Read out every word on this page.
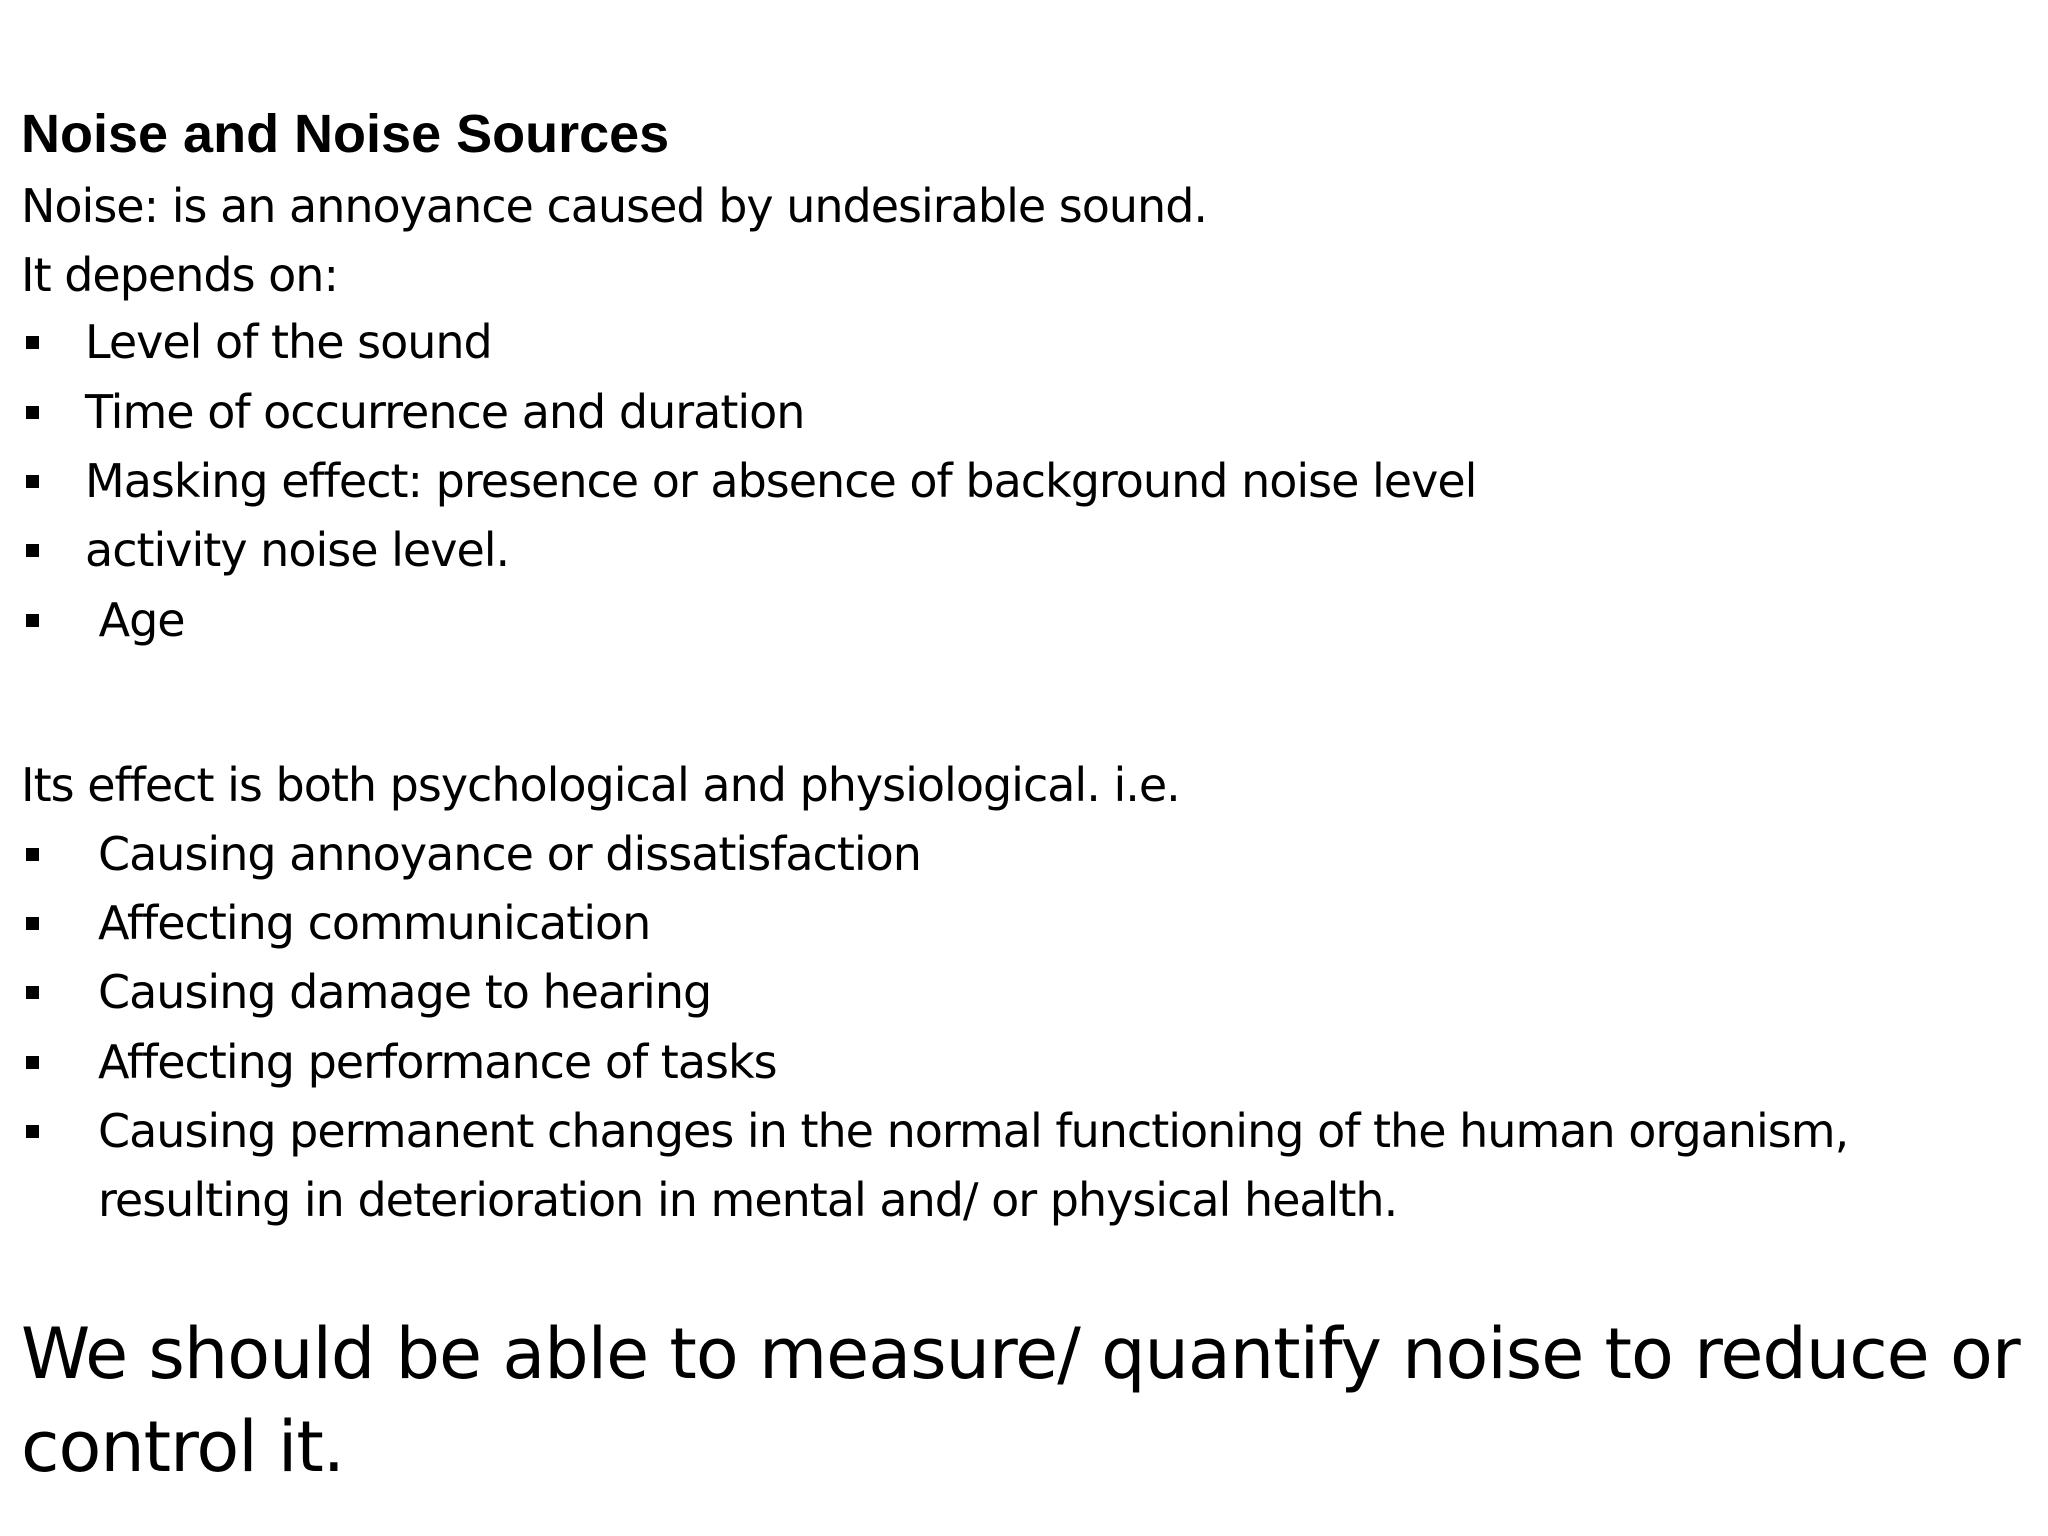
Noise and Noise Sources
Noise: is an annoyance caused by undesirable sound.
It depends on:
Level of the sound
Time of occurrence and duration
Masking effect: presence or absence of background noise level
activity noise level.
Age
Its effect is both psychological and physiological. i.e.
Causing annoyance or dissatisfaction
Affecting communication
Causing damage to hearing
Affecting performance of tasks
Causing permanent changes in the normal functioning of the human organism,
resulting in deterioration in mental and/ or physical health.
We should be able to measure/ quantify noise to reduce or control it.
